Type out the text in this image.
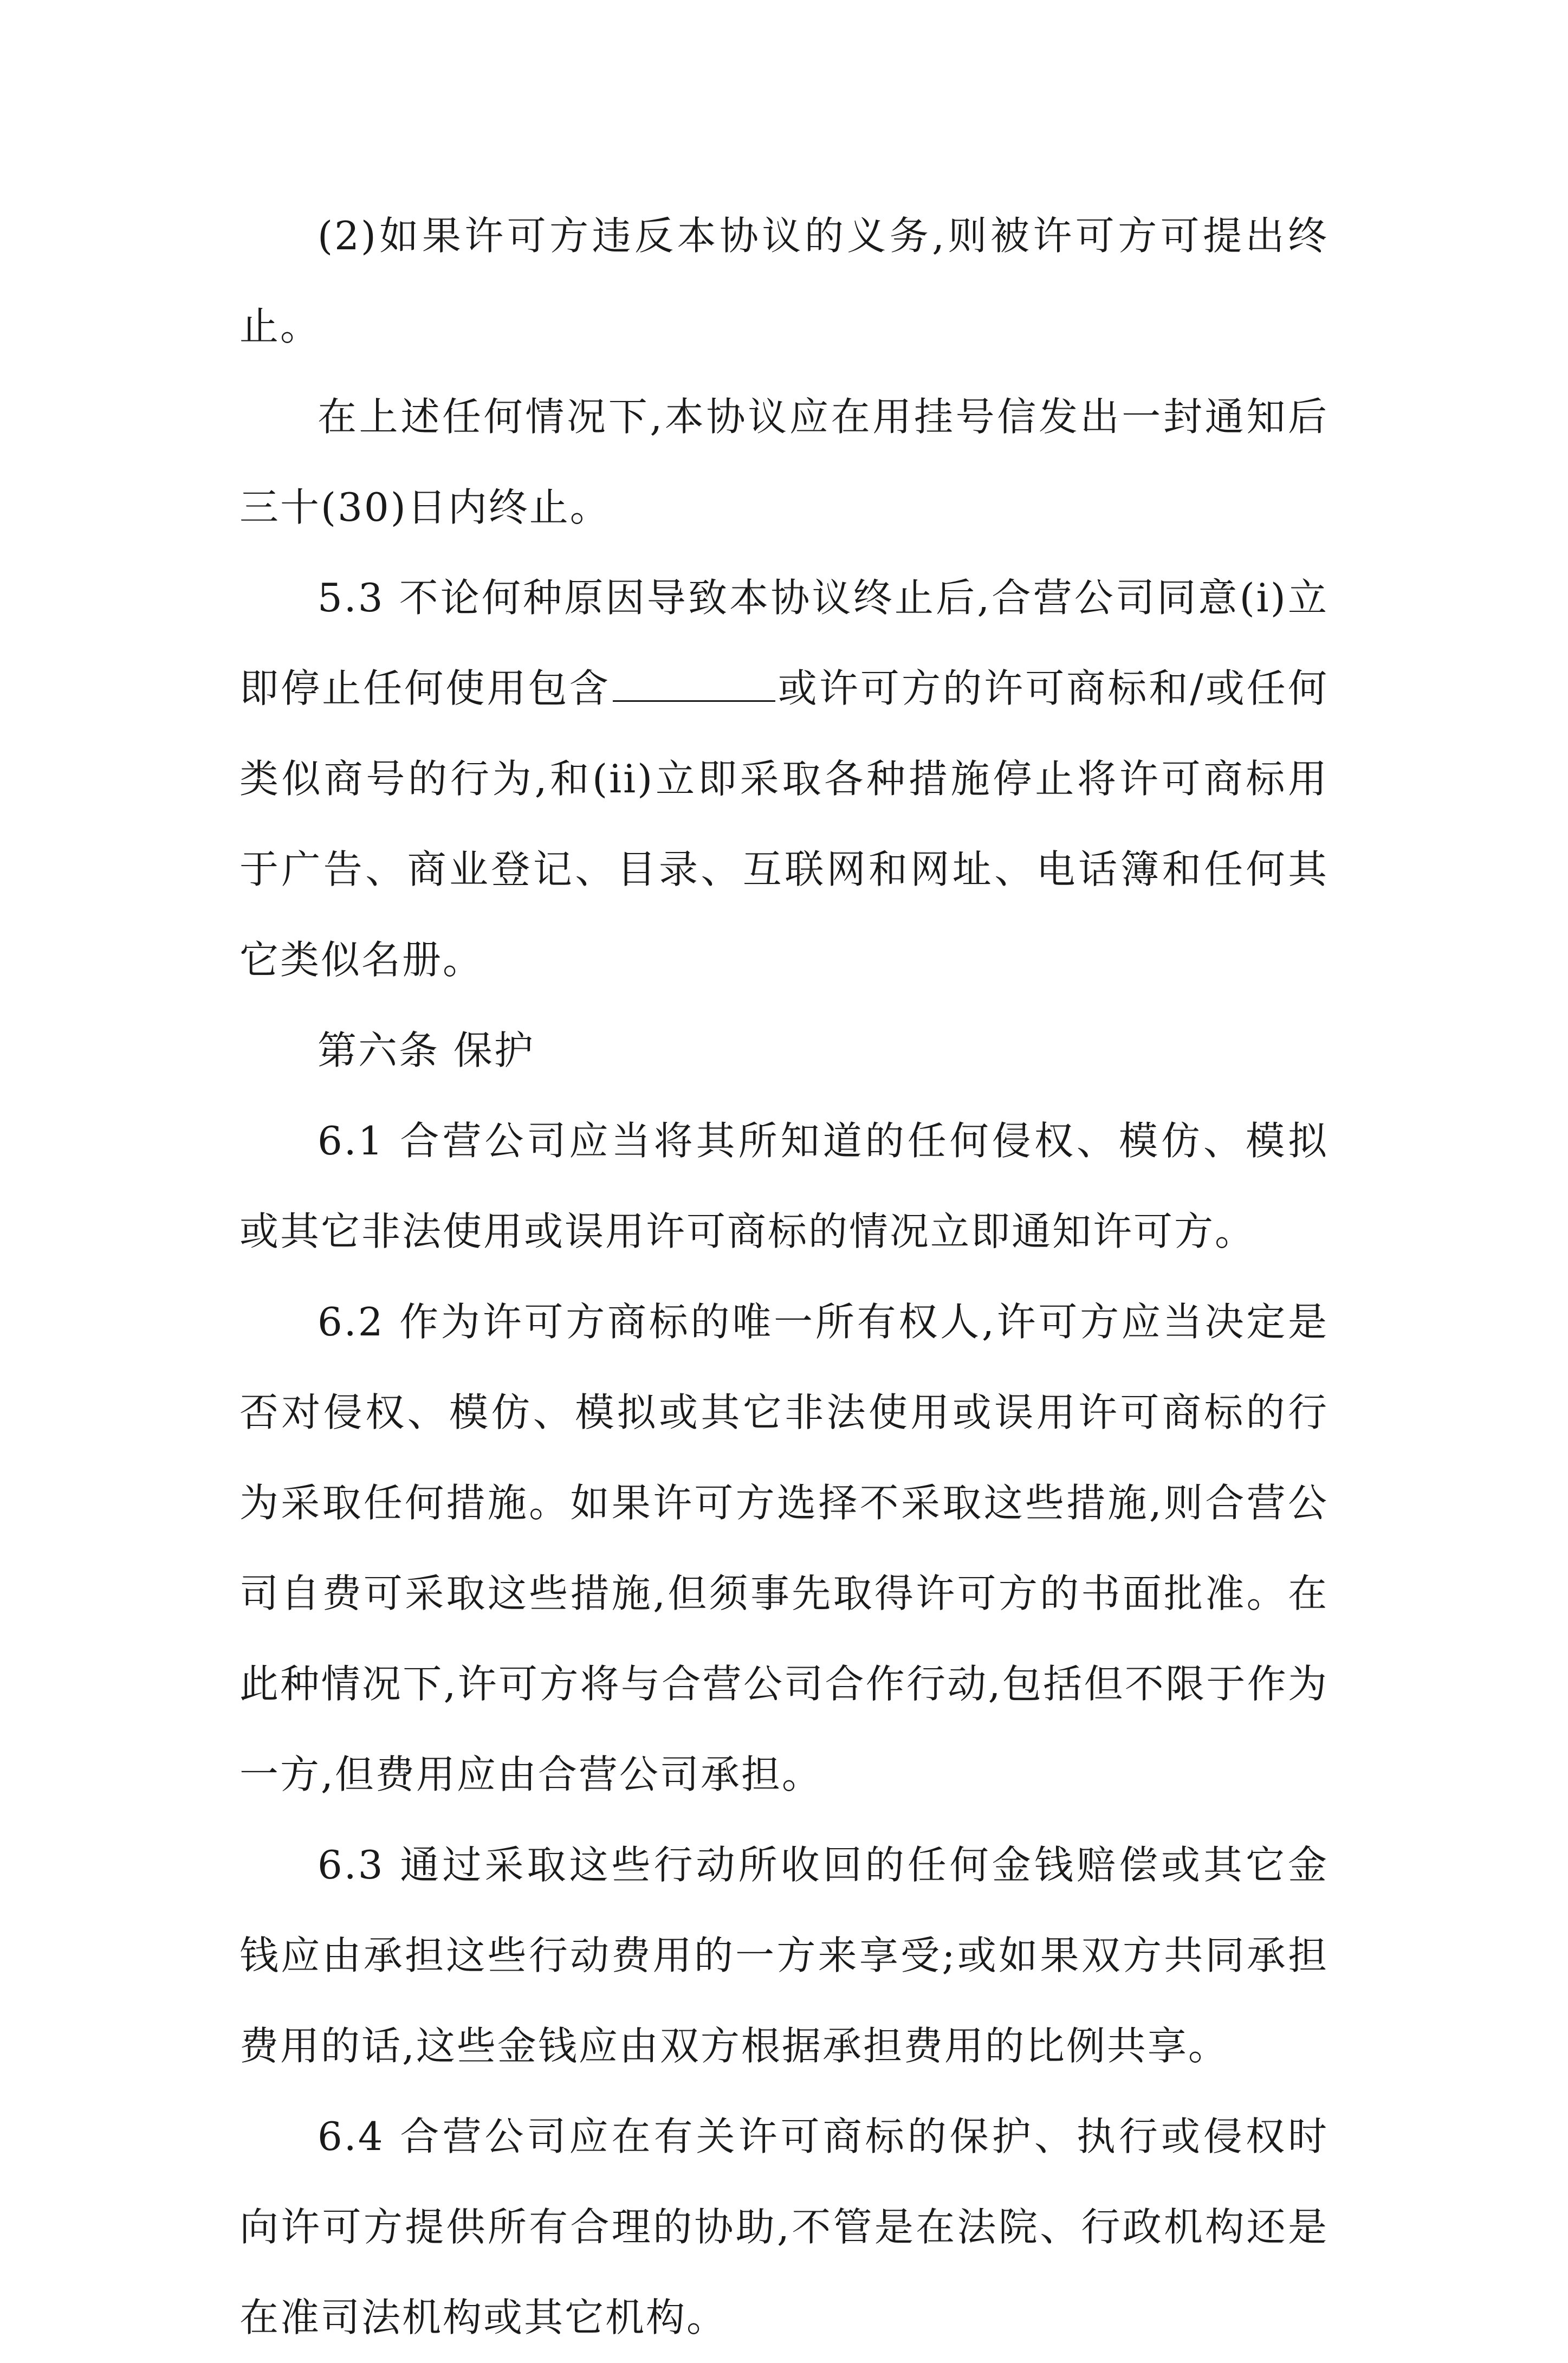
(2)如果许可方违反本协议的义务,则被许可方可提出终止。

在上述任何情况下,本协议应在用挂号信发出一封通知后三十(30)日内终止。

5.3 不论何种原因导致本协议终止后,合营公司同意(i)立即停止任何使用包含	或许可方的许可商标和/或任何类似商号的行为,和(ii)立即采取各种措施停止将许可商标用于广告、商业登记、目录、互联网和网址、电话簿和任何其它类似名册。

第六条 保护

6.1 合营公司应当将其所知道的任何侵权、模仿、模拟或其它非法使用或误用许可商标的情况立即通知许可方。

6.2 作为许可方商标的唯一所有权人,许可方应当决定是否对侵权、模仿、模拟或其它非法使用或误用许可商标的行为采取任何措施。如果许可方选择不采取这些措施,则合营公司自费可采取这些措施,但须事先取得许可方的书面批准。在此种情况下,许可方将与合营公司合作行动,包括但不限于作为一方,但费用应由合营公司承担。

6.3 通过采取这些行动所收回的任何金钱赔偿或其它金钱应由承担这些行动费用的一方来享受;或如果双方共同承担费用的话,这些金钱应由双方根据承担费用的比例共享。

6.4 合营公司应在有关许可商标的保护、执行或侵权时向许可方提供所有合理的协助,不管是在法院、行政机构还是在准司法机构或其它机构。
